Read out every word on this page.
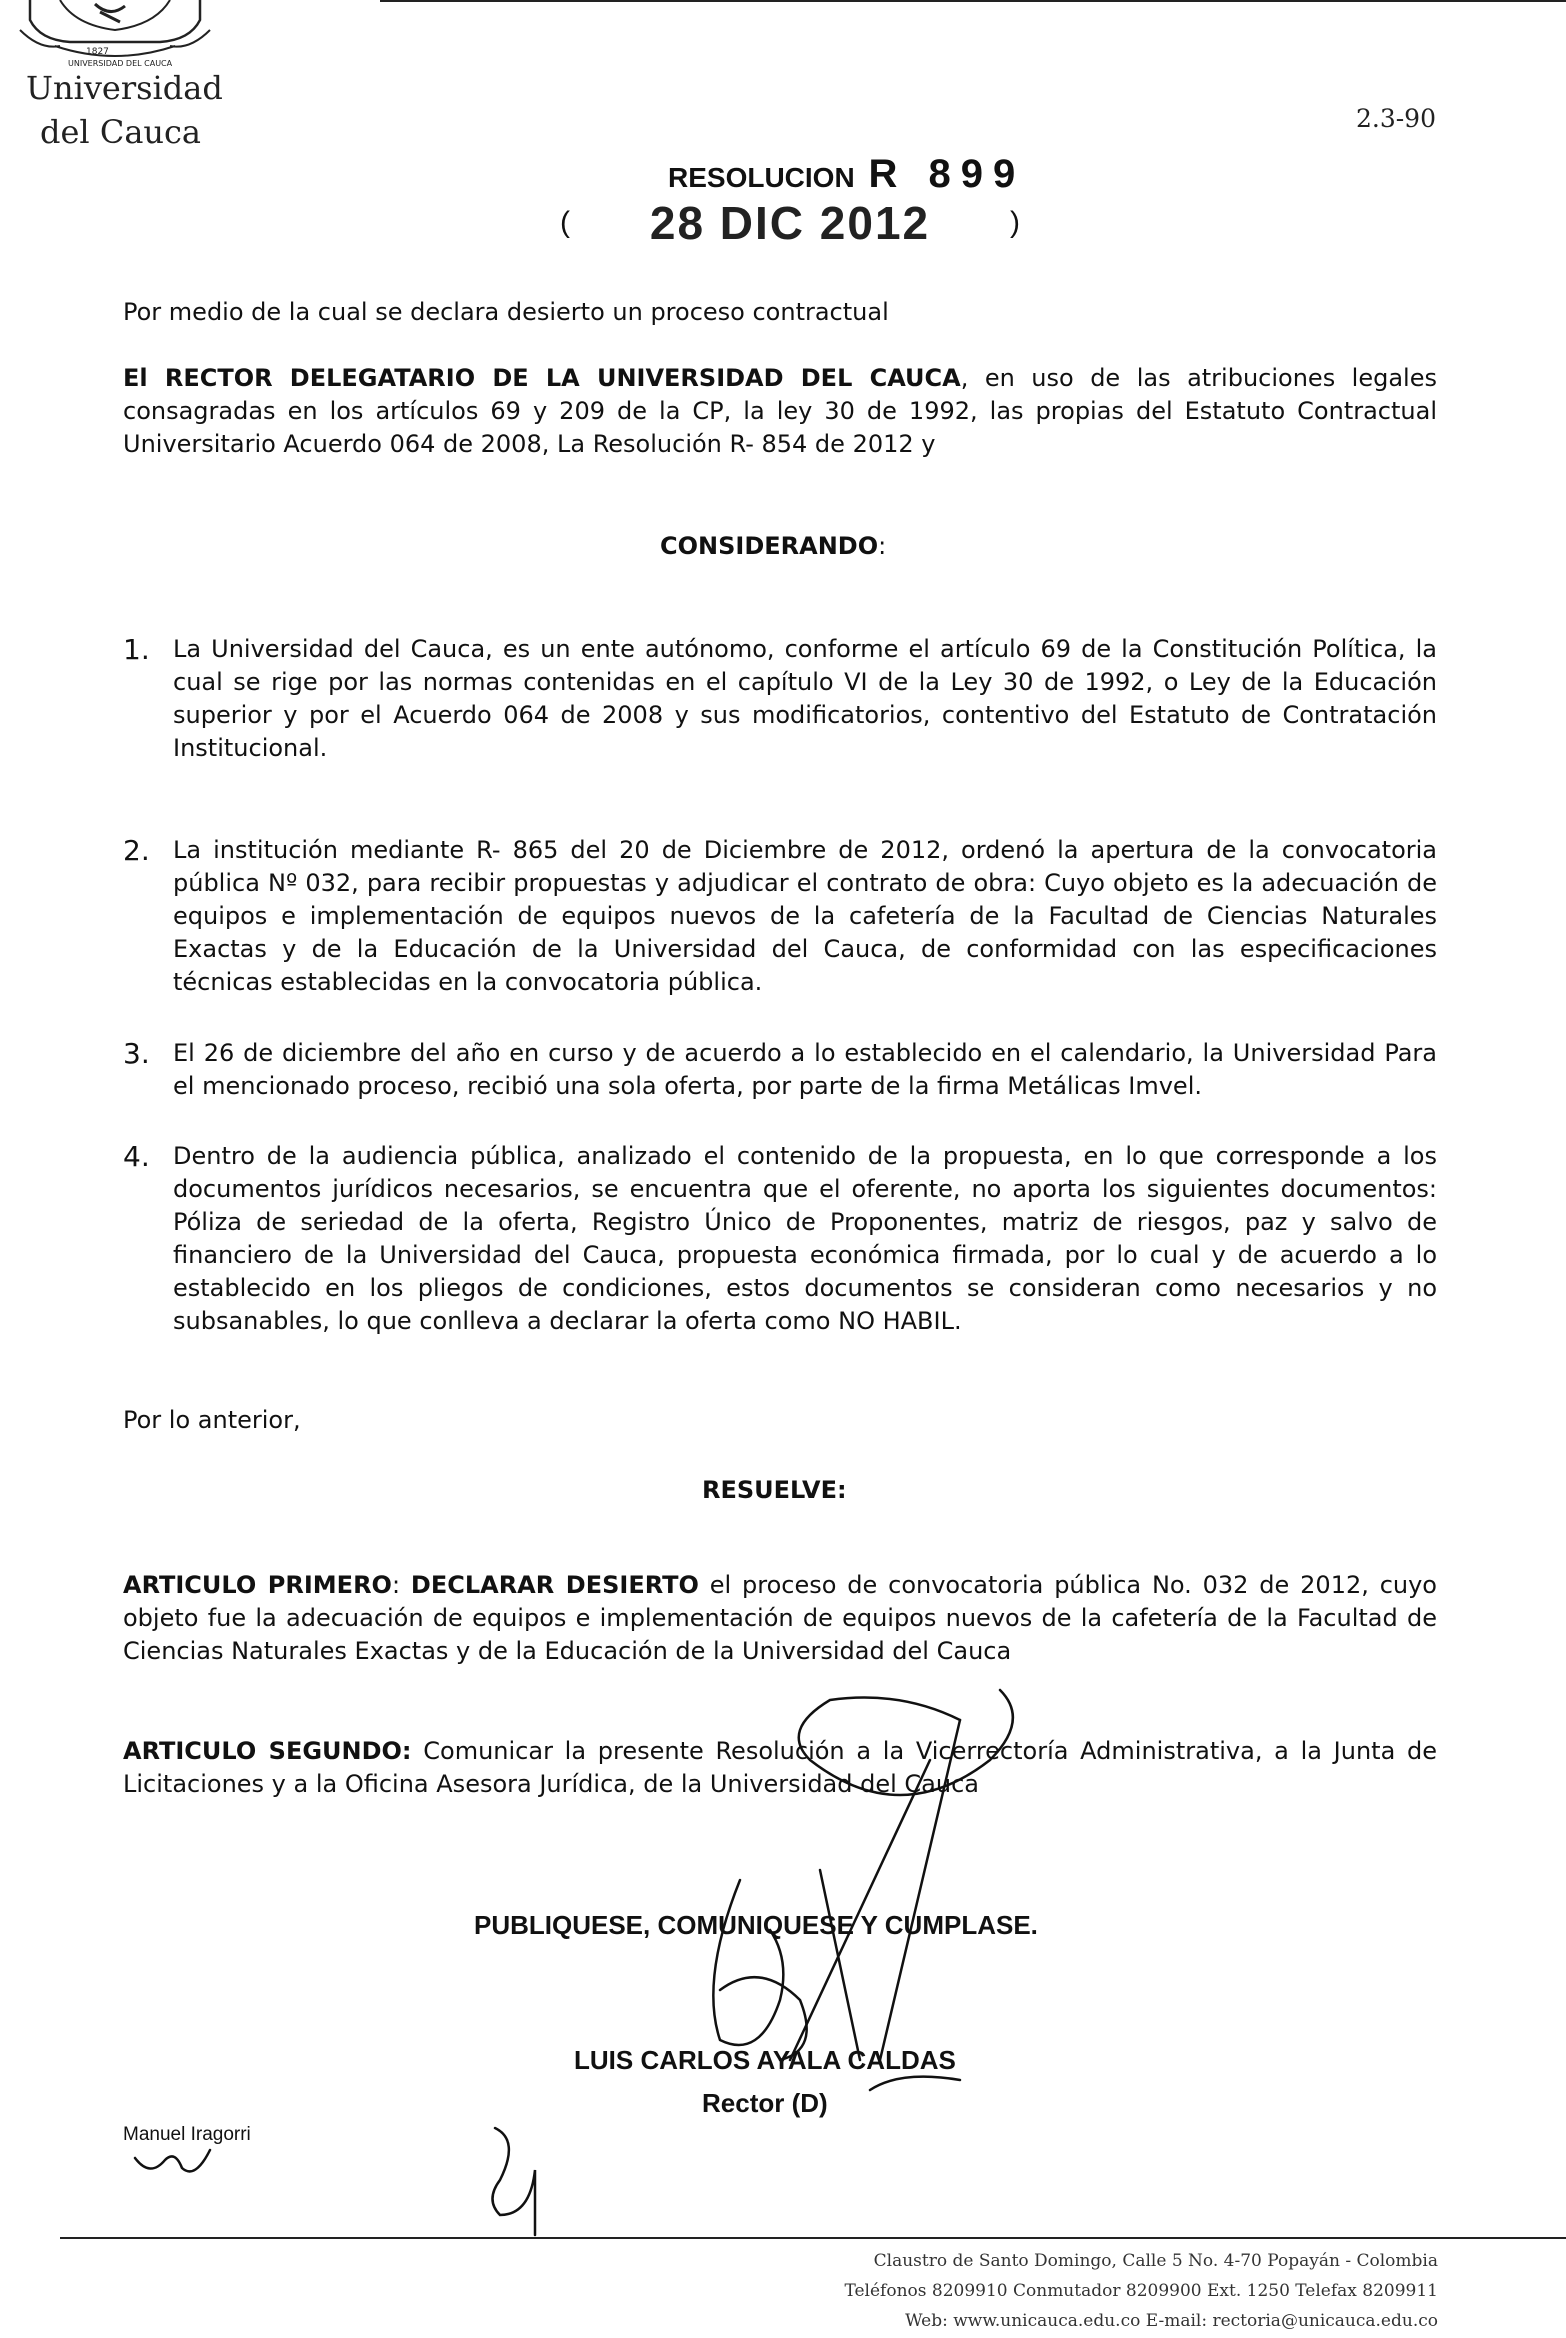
1827
UNIVERSIDAD DEL CAUCA
Universidad
del Cauca	2.3-90
RESOLUCION R 899
( 28 DIC 2012	)
Por medio de la cual se declara desierto un proceso contractual
El RECTOR DELEGATARIO DE LA UNIVERSIDAD DEL CAUCA, en uso de las atribuciones legales consagradas en los artículos 69 y 209 de la CP, la ley 30 de 1992, las propias del Estatuto Contractual Universitario Acuerdo 064 de 2008, La Resolución R- 854 de 2012 y
CONSIDERANDO:
1. La Universidad del Cauca, es un ente autónomo, conforme el artículo 69 de la Constitución Política, la cual se rige por las normas contenidas en el capítulo VI de la Ley 30 de 1992, o Ley de la Educación superior y por el Acuerdo 064 de 2008 y sus modificatorios, contentivo del Estatuto de Contratación Institucional.
2. La institución mediante R- 865 del 20 de Diciembre de 2012, ordenó la apertura de la convocatoria pública Nº 032, para recibir propuestas y adjudicar el contrato de obra: Cuyo objeto es la adecuación de equipos e implementación de equipos nuevos de la cafetería de la Facultad de Ciencias Naturales Exactas y de la Educación de la Universidad del Cauca, de conformidad con las especificaciones técnicas establecidas en la convocatoria pública.
3. El 26 de diciembre del año en curso y de acuerdo a lo establecido en el calendario, la Universidad Para el mencionado proceso, recibió una sola oferta, por parte de la firma Metálicas Imvel.
4. Dentro de la audiencia pública, analizado el contenido de la propuesta, en lo que corresponde a los documentos jurídicos necesarios, se encuentra que el oferente, no aporta los siguientes documentos: Póliza de seriedad de la oferta, Registro Único de Proponentes, matriz de riesgos, paz y salvo de financiero de la Universidad del Cauca, propuesta económica firmada, por lo cual y de acuerdo a lo establecido en los pliegos de condiciones, estos documentos se consideran como necesarios y no subsanables, lo que conlleva a declarar la oferta como NO HABIL.
Por lo anterior,
RESUELVE:
ARTICULO PRIMERO: DECLARAR DESIERTO el proceso de convocatoria pública No. 032 de 2012, cuyo objeto fue la adecuación de equipos e implementación de equipos nuevos de la cafetería de la Facultad de Ciencias Naturales Exactas y de la Educación de la Universidad del Cauca
ARTICULO SEGUNDO: Comunicar la presente Resolución a la Vicerrectoría Administrativa, a la Junta de Licitaciones y a la Oficina Asesora Jurídica, de la Universidad del Cauca
PUBLIQUESE, COMUNIQUESE Y CUMPLASE.
LUIS CARLOS AYALA CALDAS
Rector (D)
Manuel Iragorri
Claustro de Santo Domingo, Calle 5 No. 4-70 Popayán - Colombia
Teléfonos 8209910 Conmutador 8209900 Ext. 1250 Telefax 8209911
Web: www.unicauca.edu.co E-mail: rectoria@unicauca.edu.co
